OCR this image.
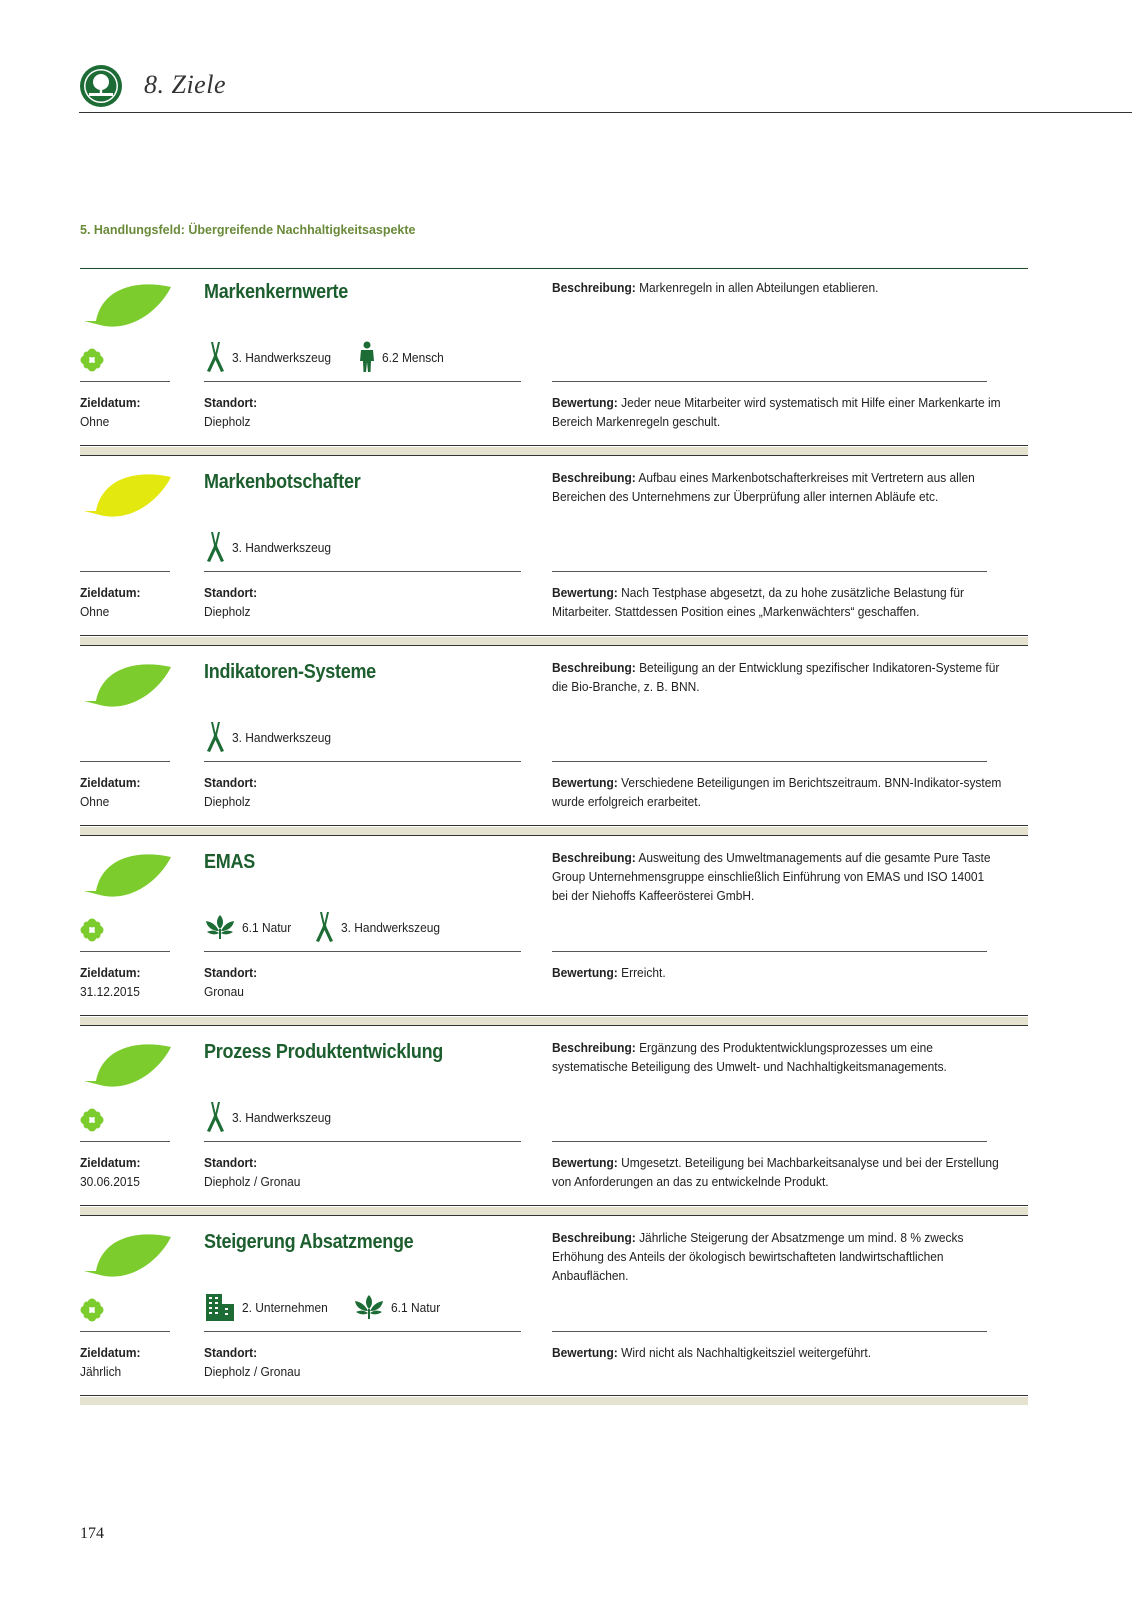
8. Ziele
5. Handlungsfeld: Übergreifende Nachhaltigkeitsaspekte
Markenkernwerte
3. Handwerkszeug	6.2 Mensch
Zieldatum:
Ohne
Standort:
Diepholz
Beschreibung: Markenregeln in allen Abteilungen etablieren.
Bewertung: Jeder neue Mitarbeiter wird systematisch mit Hilfe einer Markenkarte im Bereich Markenregeln geschult.
Markenbotschafter
3. Handwerkszeug
Zieldatum:
Ohne
Standort:
Diepholz
Beschreibung: Aufbau eines Markenbotschafterkreises mit Vertretern aus allen Bereichen des Unternehmens zur Überprüfung aller internen Abläufe etc.
Bewertung: Nach Testphase abgesetzt, da zu hohe zusätzliche Belastung für Mitarbeiter. Stattdessen Position eines „Markenwächters“ geschaffen.
Indikatoren-Systeme
3. Handwerkszeug
Zieldatum:
Ohne
Standort:
Diepholz
Beschreibung: Beteiligung an der Entwicklung spezifischer Indikatoren-Systeme für die Bio-Branche, z. B. BNN.
Bewertung: Verschiedene Beteiligungen im Berichtszeitraum. BNN-Indikator-system wurde erfolgreich erarbeitet.
EMAS
6.1 Natur	3. Handwerkszeug
Zieldatum:
31.12.2015
Standort:
Gronau
Beschreibung: Ausweitung des Umweltmanagements auf die gesamte Pure Taste Group Unternehmensgruppe einschließlich Einführung von EMAS und ISO 14001 bei der Niehoffs Kaffeerösterei GmbH.
Bewertung: Erreicht.
Prozess Produktentwicklung
3. Handwerkszeug
Zieldatum:
30.06.2015
Standort:
Diepholz / Gronau
Beschreibung: Ergänzung des Produktentwicklungsprozesses um eine systematische Beteiligung des Umwelt- und Nachhaltigkeitsmanagements.
Bewertung: Umgesetzt. Beteiligung bei Machbarkeitsanalyse und bei der Erstellung von Anforderungen an das zu entwickelnde Produkt.
Steigerung Absatzmenge
2. Unternehmen	6.1 Natur
Zieldatum:
Jährlich
Standort:
Diepholz / Gronau
Beschreibung: Jährliche Steigerung der Absatzmenge um mind. 8 % zwecks Erhöhung des Anteils der ökologisch bewirtschafteten landwirtschaftlichen Anbauflächen.
Bewertung: Wird nicht als Nachhaltigkeitsziel weitergeführt.
174
